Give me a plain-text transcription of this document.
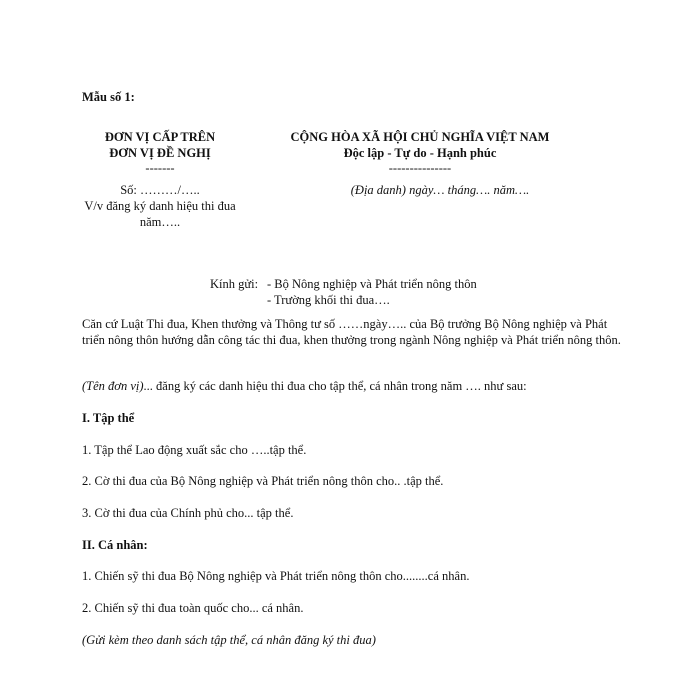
Mẫu số 1:
ĐƠN VỊ CẤP TRÊN
ĐƠN VỊ ĐỀ NGHỊ
-------
Số: ………/…..
V/v đăng ký danh hiệu thi đua
năm…..
CỘNG HÒA XÃ HỘI CHỦ NGHĨA VIỆT NAM
Độc lập - Tự do - Hạnh phúc
---------------
(Địa danh) ngày… tháng…. năm….
Kính gửi: - Bộ Nông nghiệp và Phát triển nông thôn
- Trường khối thi đua….
Căn cứ Luật Thi đua, Khen thưởng và Thông tư số ……ngày….. của Bộ trưởng Bộ Nông nghiệp và Phát triển nông thôn hướng dẫn công tác thi đua, khen thưởng trong ngành Nông nghiệp và Phát triển nông thôn.
(Tên đơn vị)... đăng ký các danh hiệu thi đua cho tập thể, cá nhân trong năm …. như sau:
I. Tập thể
1. Tập thể Lao động xuất sắc cho …..tập thể.
2. Cờ thi đua của Bộ Nông nghiệp và Phát triển nông thôn cho.. .tập thể.
3. Cờ thi đua của Chính phủ cho... tập thể.
II. Cá nhân:
1. Chiến sỹ thi đua Bộ Nông nghiệp và Phát triển nông thôn cho........cá nhân.
2. Chiến sỹ thi đua toàn quốc cho... cá nhân.
(Gửi kèm theo danh sách tập thể, cá nhân đăng ký thi đua)
